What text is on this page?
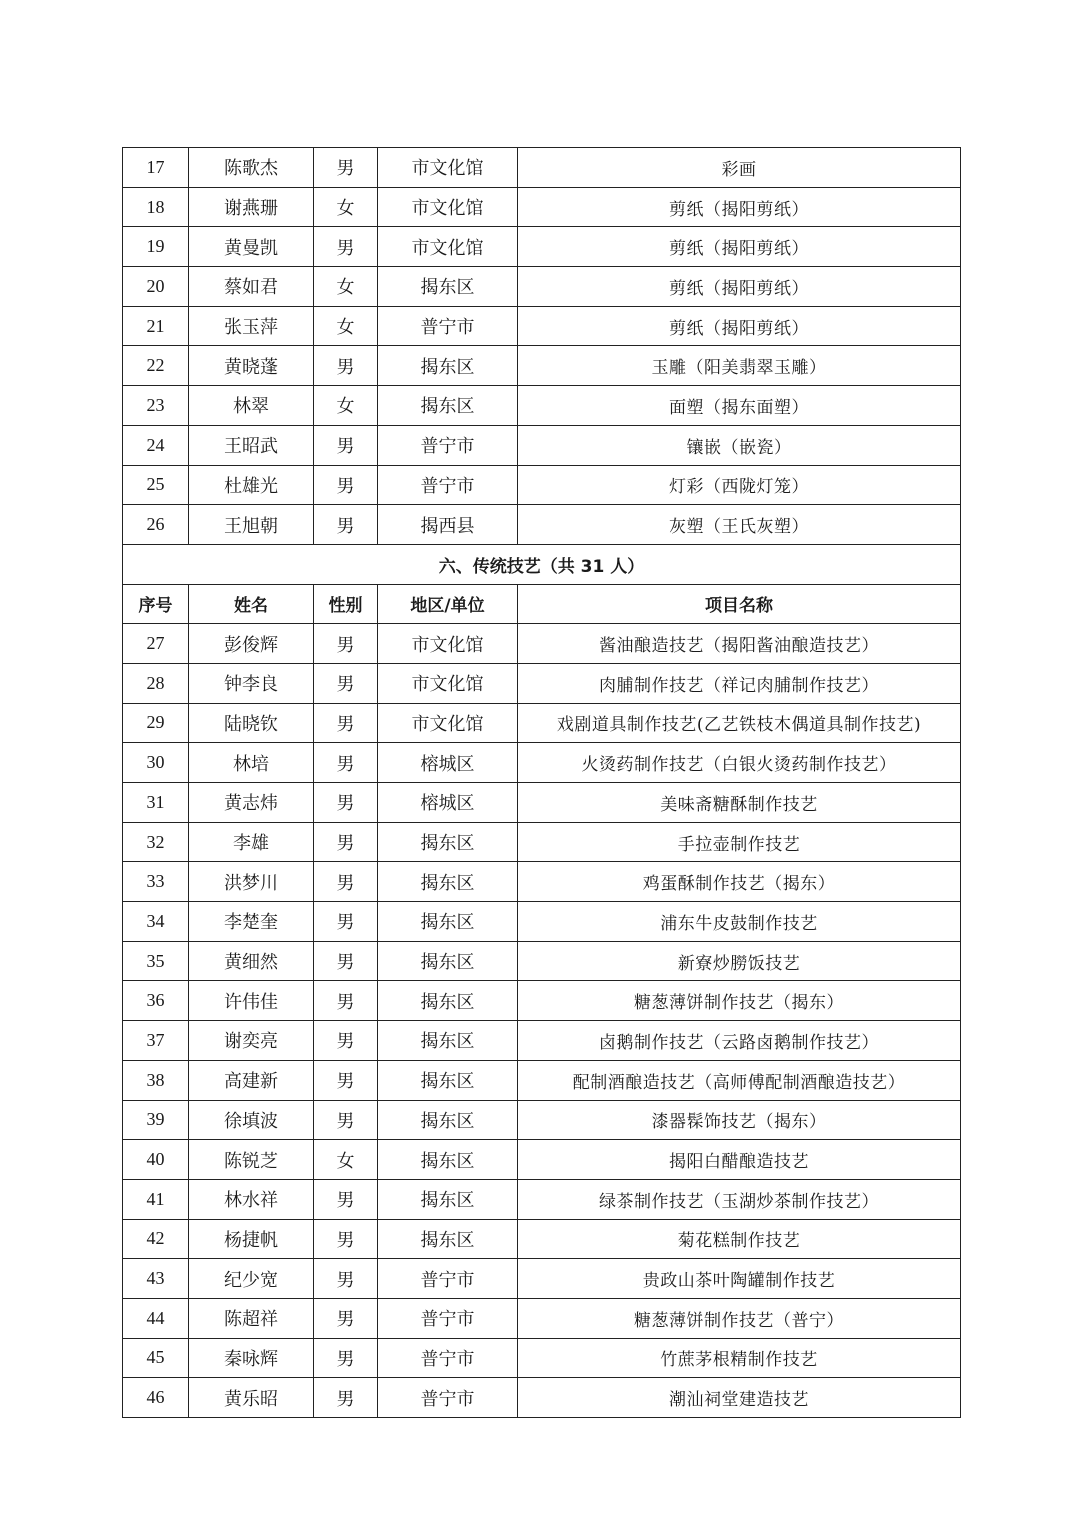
17	陈歌杰	男	市文化馆	彩画
18	谢燕珊	女	市文化馆	剪纸（揭阳剪纸）
19	黄曼凯	男	市文化馆	剪纸（揭阳剪纸）
20	蔡如君	女	揭东区	剪纸（揭阳剪纸）
21	张玉萍	女	普宁市	剪纸（揭阳剪纸）
22	黄晓蓬	男	揭东区	玉雕（阳美翡翠玉雕）
23	林翠	女	揭东区	面塑（揭东面塑）
24	王昭武	男	普宁市	镶嵌（嵌瓷）
25	杜雄光	男	普宁市	灯彩（西陇灯笼）
26	王旭朝	男	揭西县	灰塑（王氏灰塑）
六、传统技艺（共 31 人）				
序号	姓名	性别	地区/单位	项目名称
27	彭俊辉	男	市文化馆	酱油酿造技艺（揭阳酱油酿造技艺）
28	钟李良	男	市文化馆	肉脯制作技艺（祥记肉脯制作技艺）
29	陆晓钦	男	市文化馆	戏剧道具制作技艺(乙艺铁枝木偶道具制作技艺)
30	林培	男	榕城区	火烫药制作技艺（白银火烫药制作技艺）
31	黄志炜	男	榕城区	美味斋糖酥制作技艺
32	李雄	男	揭东区	手拉壶制作技艺
33	洪梦川	男	揭东区	鸡蛋酥制作技艺（揭东）
34	李楚奎	男	揭东区	浦东牛皮鼓制作技艺
35	黄细然	男	揭东区	新寮炒朥饭技艺
36	许伟佳	男	揭东区	糖葱薄饼制作技艺（揭东）
37	谢奕亮	男	揭东区	卤鹅制作技艺（云路卤鹅制作技艺）
38	高建新	男	揭东区	配制酒酿造技艺（高师傅配制酒酿造技艺）
39	徐填波	男	揭东区	漆器髹饰技艺（揭东）
40	陈锐芝	女	揭东区	揭阳白醋酿造技艺
41	林水祥	男	揭东区	绿茶制作技艺（玉湖炒茶制作技艺）
42	杨捷帆	男	揭东区	菊花糕制作技艺
43	纪少宽	男	普宁市	贵政山茶叶陶罐制作技艺
44	陈超祥	男	普宁市	糖葱薄饼制作技艺（普宁）
45	秦咏辉	男	普宁市	竹蔗茅根精制作技艺
46	黄乐昭	男	普宁市	潮汕祠堂建造技艺
